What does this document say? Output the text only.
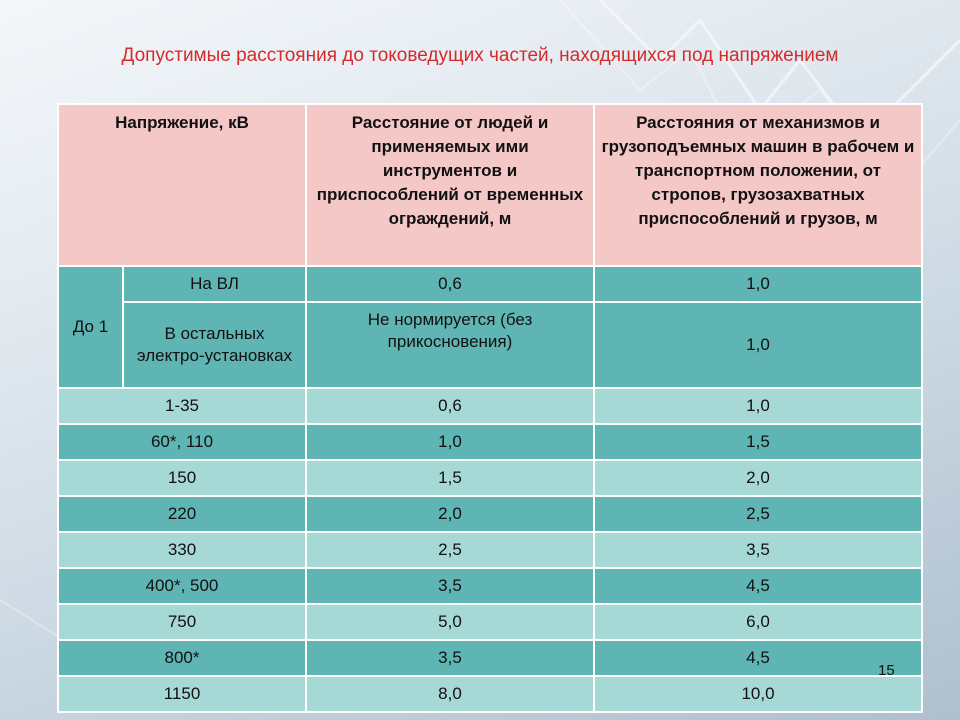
Допустимые расстояния до токоведущих частей, находящихся под напряжением
Напряжение, кВ		Расстояние от людей и применяемых ими инструментов и приспособлений от временных ограждений, м	Расстояния от механизмов и грузоподъемных машин в рабочем и транспортном положении, от стропов, грузозахватных приспособлений и грузов, м
До 1	На ВЛ	0,6	1,0
	В остальных электро-установках	Не нормируется (без прикосновения)	1,0
1-35		0,6	1,0
60*, 110		1,0	1,5
150		1,5	2,0
220		2,0	2,5
330		2,5	3,5
400*, 500		3,5	4,5
750		5,0	6,0
800*		3,5	4,5
1150		8,0	10,0
15
